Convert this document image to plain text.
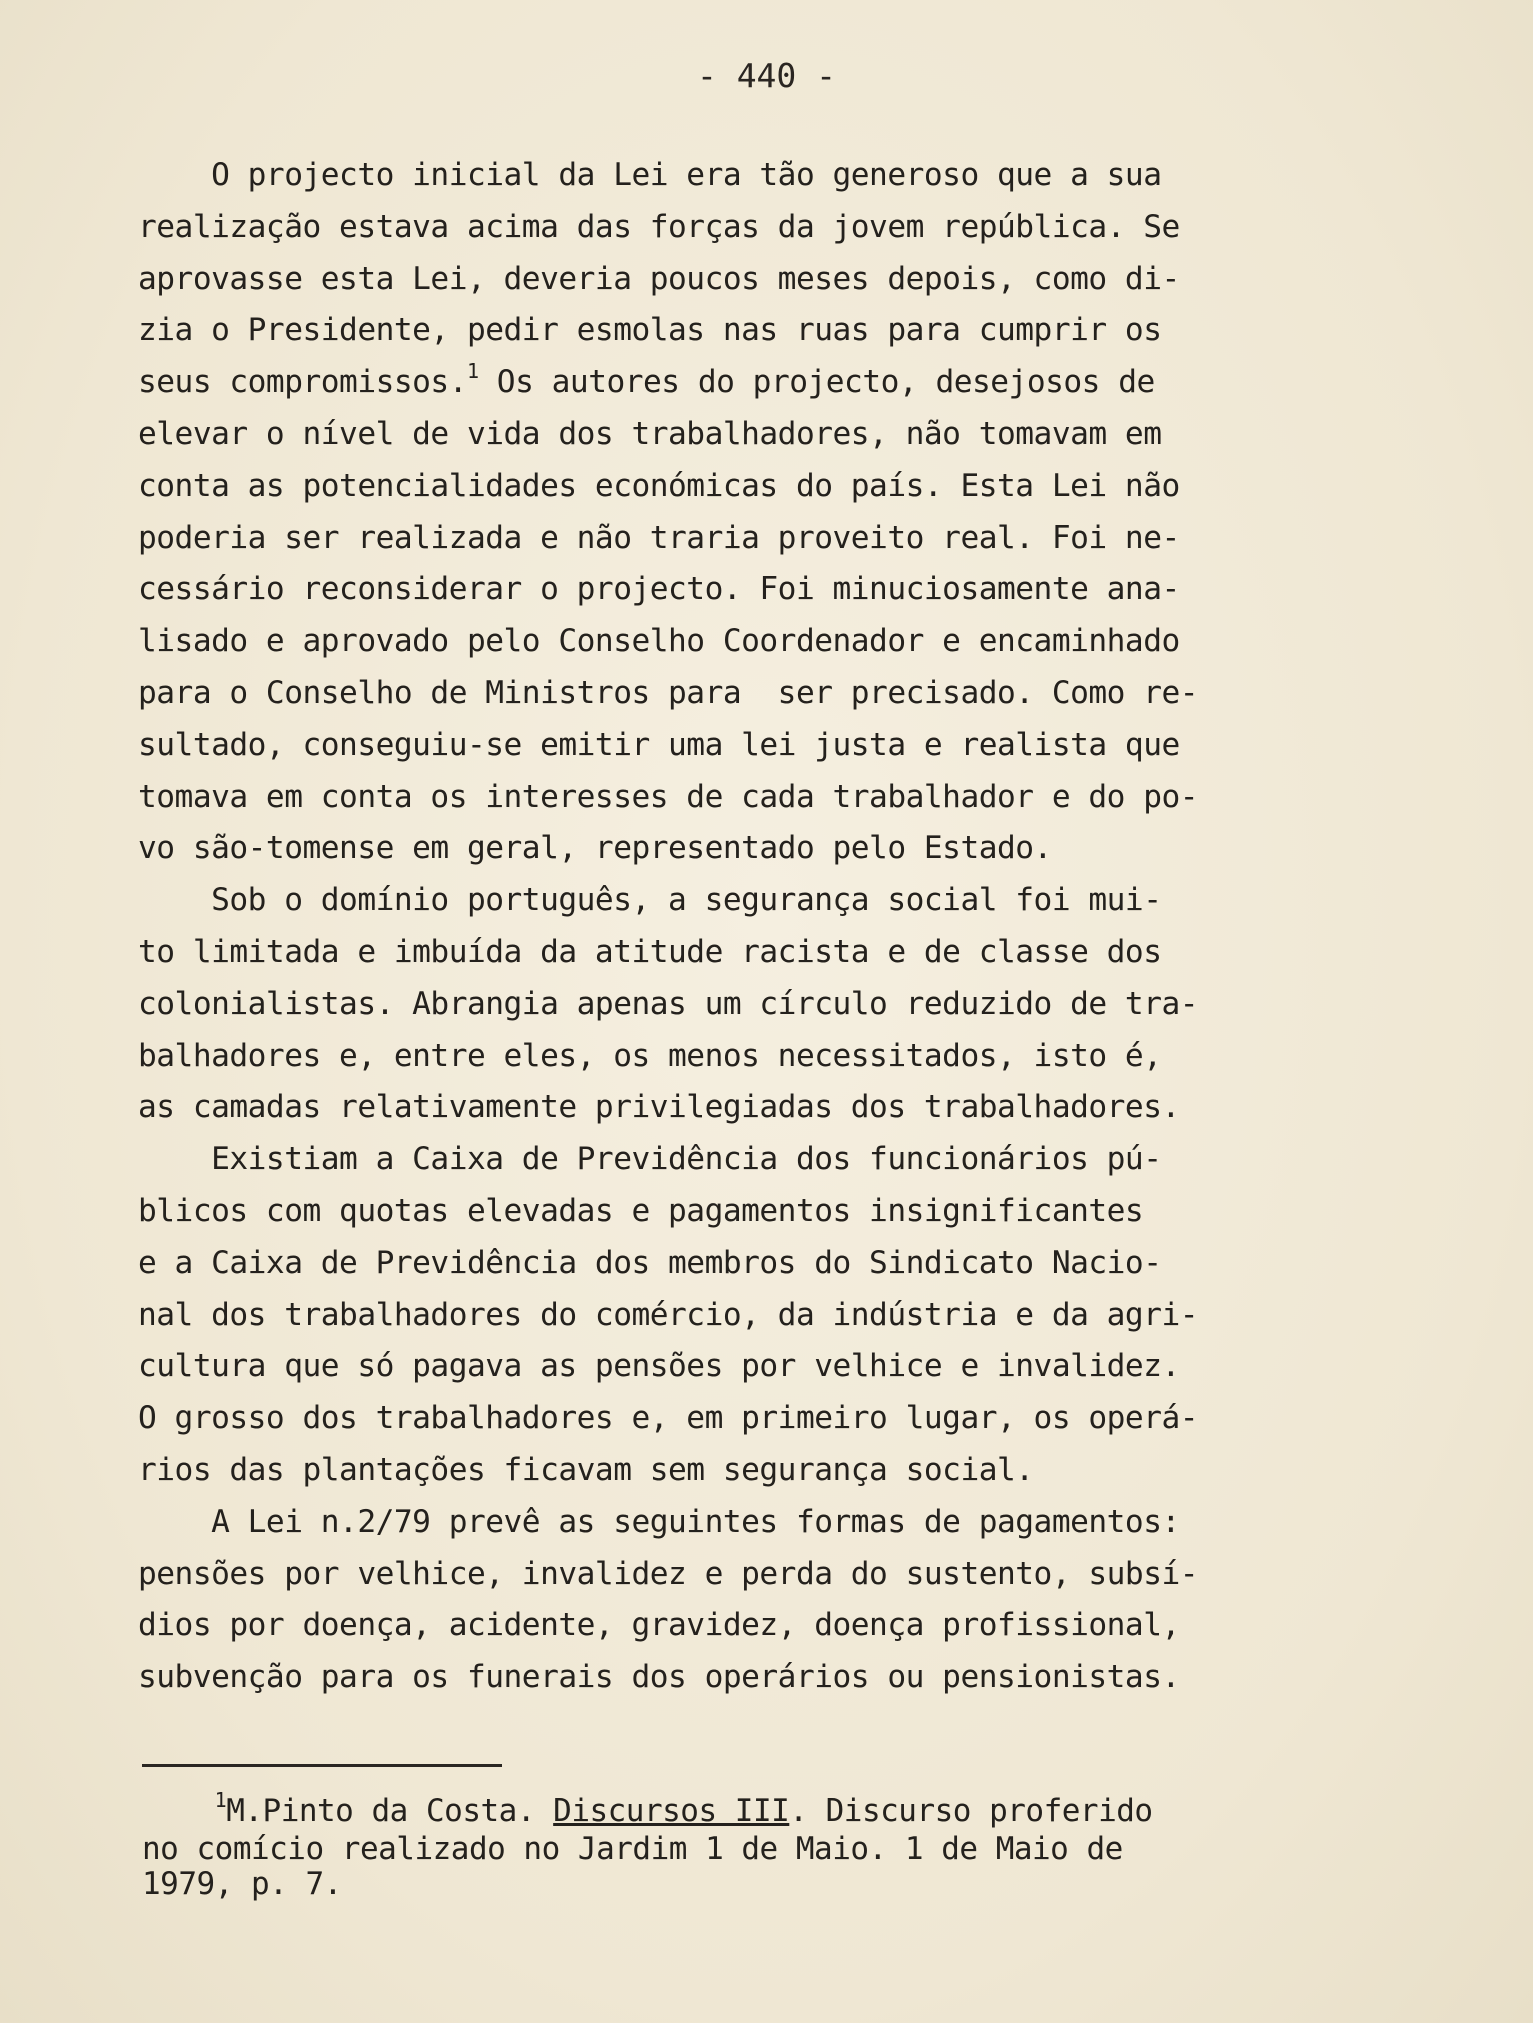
- 440 -
O projecto inicial da Lei era tão generoso que a sua
realização estava acima das forças da jovem república. Se
aprovasse esta Lei, deveria poucos meses depois, como di-
zia o Presidente, pedir esmolas nas ruas para cumprir os
seus compromissos.$^1$ Os autores do projecto, desejosos de
elevar o nível de vida dos trabalhadores, não tomavam em
conta as potencialidades económicas do país. Esta Lei não
poderia ser realizada e não traria proveito real. Foi ne-
cessário reconsiderar o projecto. Foi minuciosamente ana-
lisado e aprovado pelo Conselho Coordenador e encaminhado
para o Conselho de Ministros para  ser precisado. Como re-
sultado, conseguiu-se emitir uma lei justa e realista que
tomava em conta os interesses de cada trabalhador e do po-
vo são-tomense em geral, representado pelo Estado.
Sob o domínio português, a segurança social foi mui-
to limitada e imbuída da atitude racista e de classe dos
colonialistas. Abrangia apenas um círculo reduzido de tra-
balhadores e, entre eles, os menos necessitados, isto é,
as camadas relativamente privilegiadas dos trabalhadores.
Existiam a Caixa de Previdência dos funcionários pú-
blicos com quotas elevadas e pagamentos insignificantes
e a Caixa de Previdência dos membros do Sindicato Nacio-
nal dos trabalhadores do comércio, da indústria e da agri-
cultura que só pagava as pensões por velhice e invalidez.
O grosso dos trabalhadores e, em primeiro lugar, os operá-
rios das plantações ficavam sem segurança social.
A Lei n.2/79 prevê as seguintes formas de pagamentos:
pensões por velhice, invalidez e perda do sustento, subsí-
dios por doença, acidente, gravidez, doença profissional,
subvenção para os funerais dos operários ou pensionistas.
$^1$M.Pinto da Costa. Discursos III. Discurso proferido
no comício realizado no Jardim 1 de Maio. 1 de Maio de
1979, p. 7.
